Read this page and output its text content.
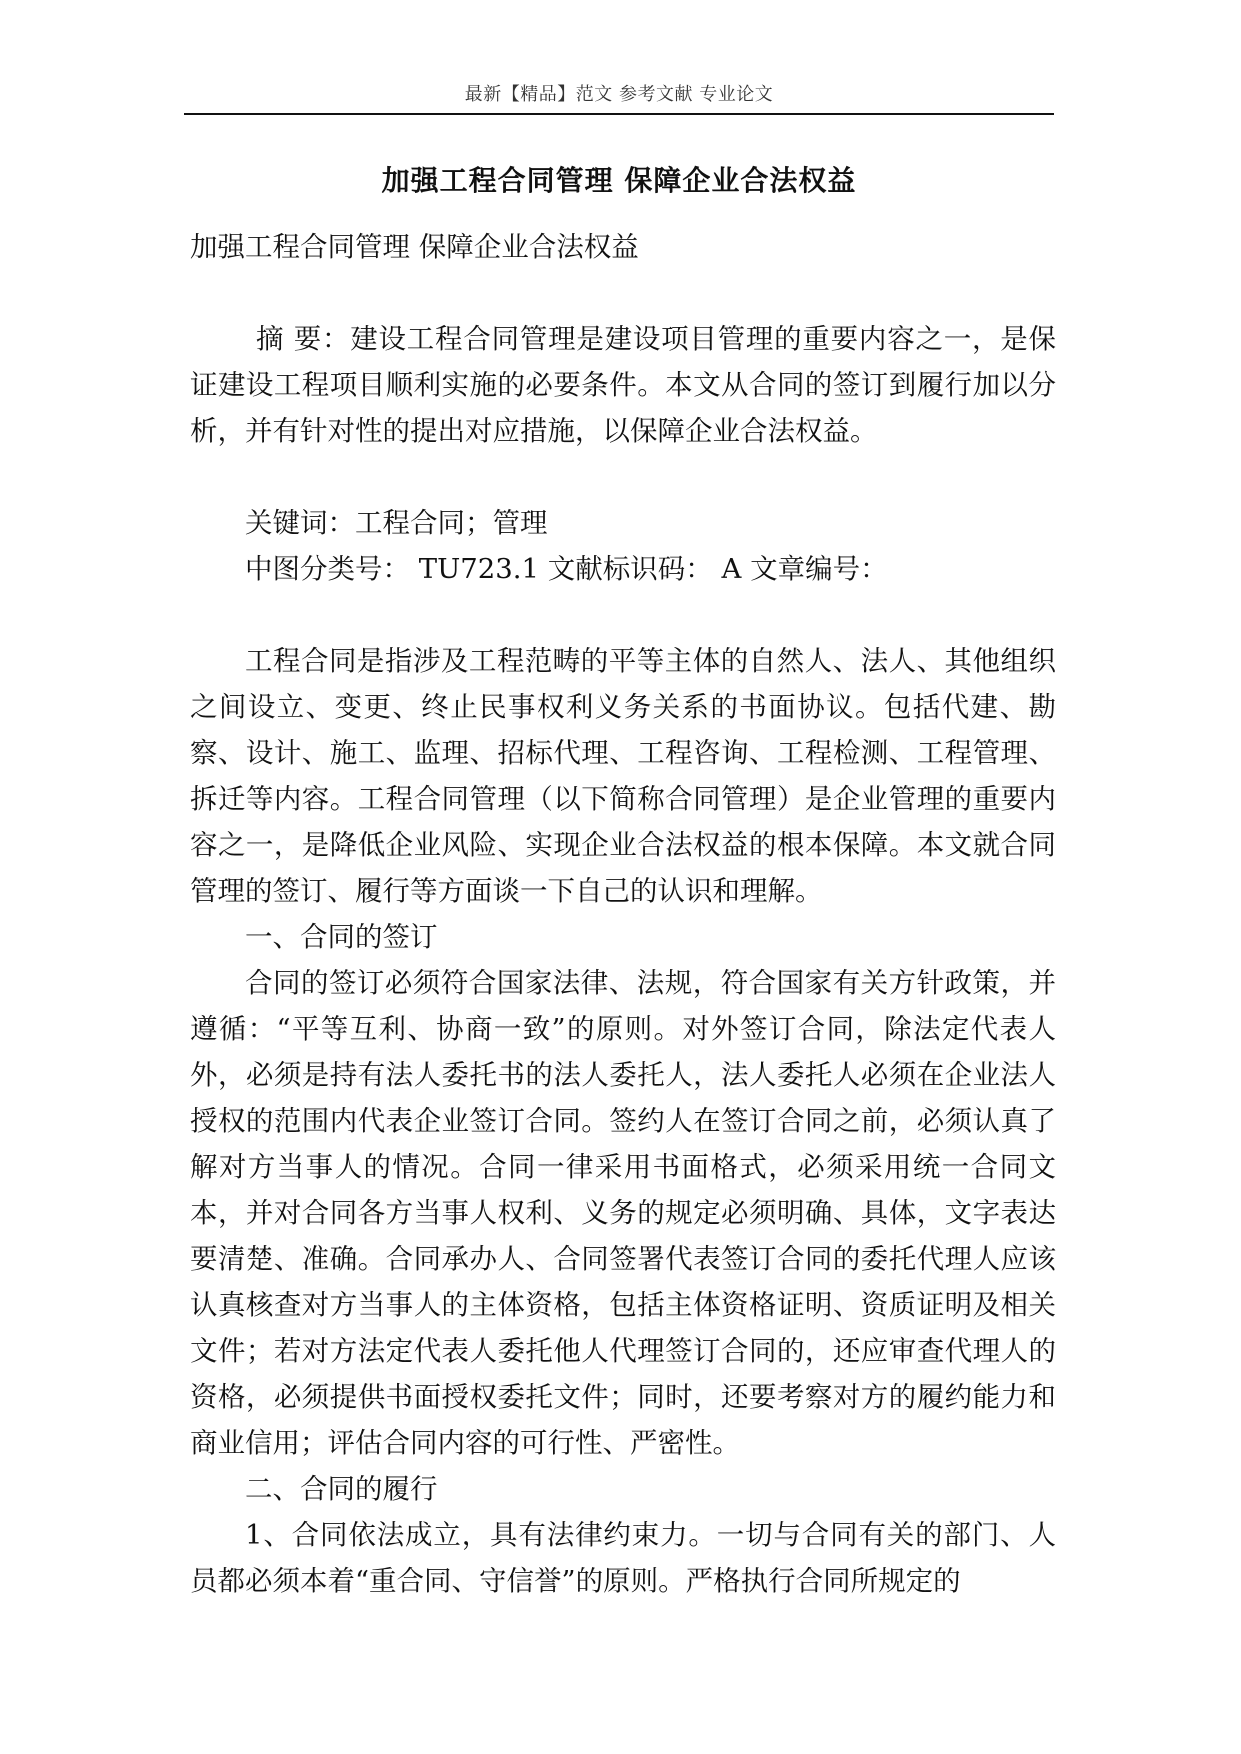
最新【精品】范文 参考文献 专业论文
加强工程合同管理 保障企业合法权益

加强工程合同管理 保障企业合法权益

摘 要：建设工程合同管理是建设项目管理的重要内容之一，是保证建设工程项目顺利实施的必要条件。本文从合同的签订到履行加以分析，并有针对性的提出对应措施，以保障企业合法权益。

关键词：工程合同；管理

中图分类号： TU723.1 文献标识码： A 文章编号：

工程合同是指涉及工程范畴的平等主体的自然人、法人、其他组织之间设立、变更、终止民事权利义务关系的书面协议。包括代建、勘察、设计、施工、监理、招标代理、工程咨询、工程检测、工程管理、拆迁等内容。工程合同管理（以下简称合同管理）是企业管理的重要内容之一，是降低企业风险、实现企业合法权益的根本保障。本文就合同管理的签订、履行等方面谈一下自己的认识和理解。

一、合同的签订

合同的签订必须符合国家法律、法规，符合国家有关方针政策，并遵循：“平等互利、协商一致”的原则。对外签订合同，除法定代表人外，必须是持有法人委托书的法人委托人，法人委托人必须在企业法人授权的范围内代表企业签订合同。签约人在签订合同之前，必须认真了解对方当事人的情况。合同一律采用书面格式，必须采用统一合同文本，并对合同各方当事人权利、义务的规定必须明确、具体，文字表达要清楚、准确。合同承办人、合同签署代表签订合同的委托代理人应该认真核查对方当事人的主体资格，包括主体资格证明、资质证明及相关文件；若对方法定代表人委托他人代理签订合同的，还应审查代理人的资格，必须提供书面授权委托文件；同时，还要考察对方的履约能力和商业信用；评估合同内容的可行性、严密性。

二、合同的履行

1、合同依法成立，具有法律约束力。一切与合同有关的部门、人员都必须本着“重合同、守信誉”的原则。严格执行合同所规定的
